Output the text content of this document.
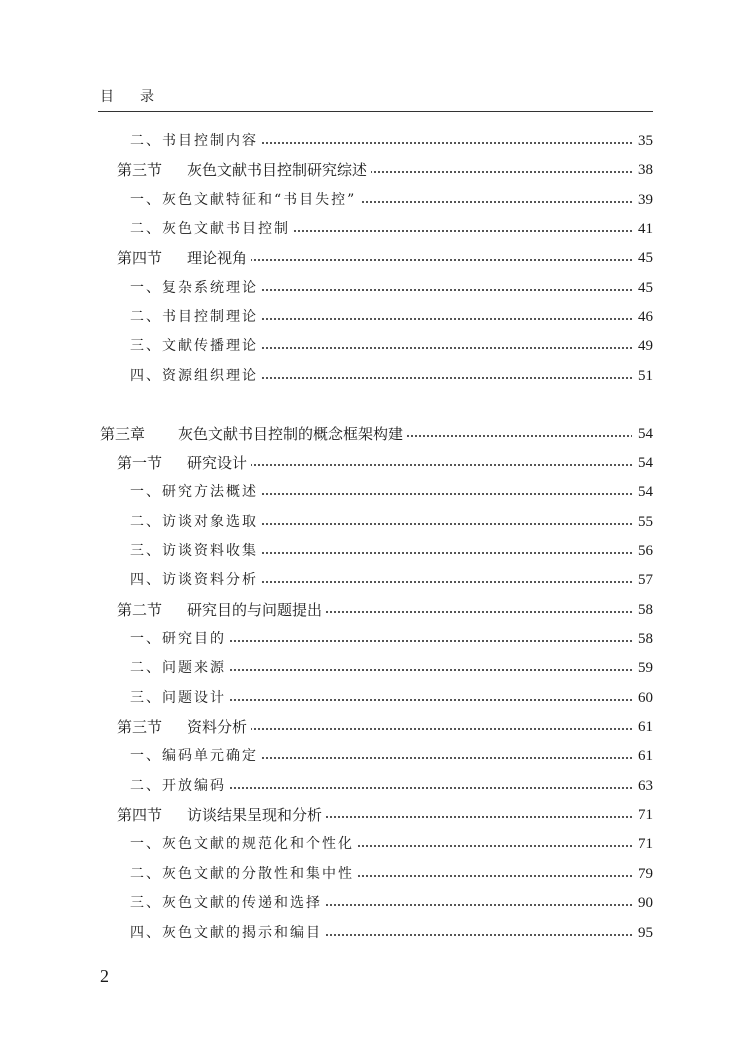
目 录
二、书目控制内容	35
第三节 灰色文献书目控制研究综述	38
一、灰色文献特征和“书目失控”	39
二、灰色文献书目控制	41
第四节 理论视角	45
一、复杂系统理论	45
二、书目控制理论	46
三、文献传播理论	49
四、资源组织理论	51
第三章 灰色文献书目控制的概念框架构建	54
第一节 研究设计	54
一、研究方法概述	54
二、访谈对象选取	55
三、访谈资料收集	56
四、访谈资料分析	57
第二节 研究目的与问题提出	58
一、研究目的	58
二、问题来源	59
三、问题设计	60
第三节 资料分析	61
一、编码单元确定	61
二、开放编码	63
第四节 访谈结果呈现和分析	71
一、灰色文献的规范化和个性化	71
二、灰色文献的分散性和集中性	79
三、灰色文献的传递和选择	90
四、灰色文献的揭示和编目	95
2
